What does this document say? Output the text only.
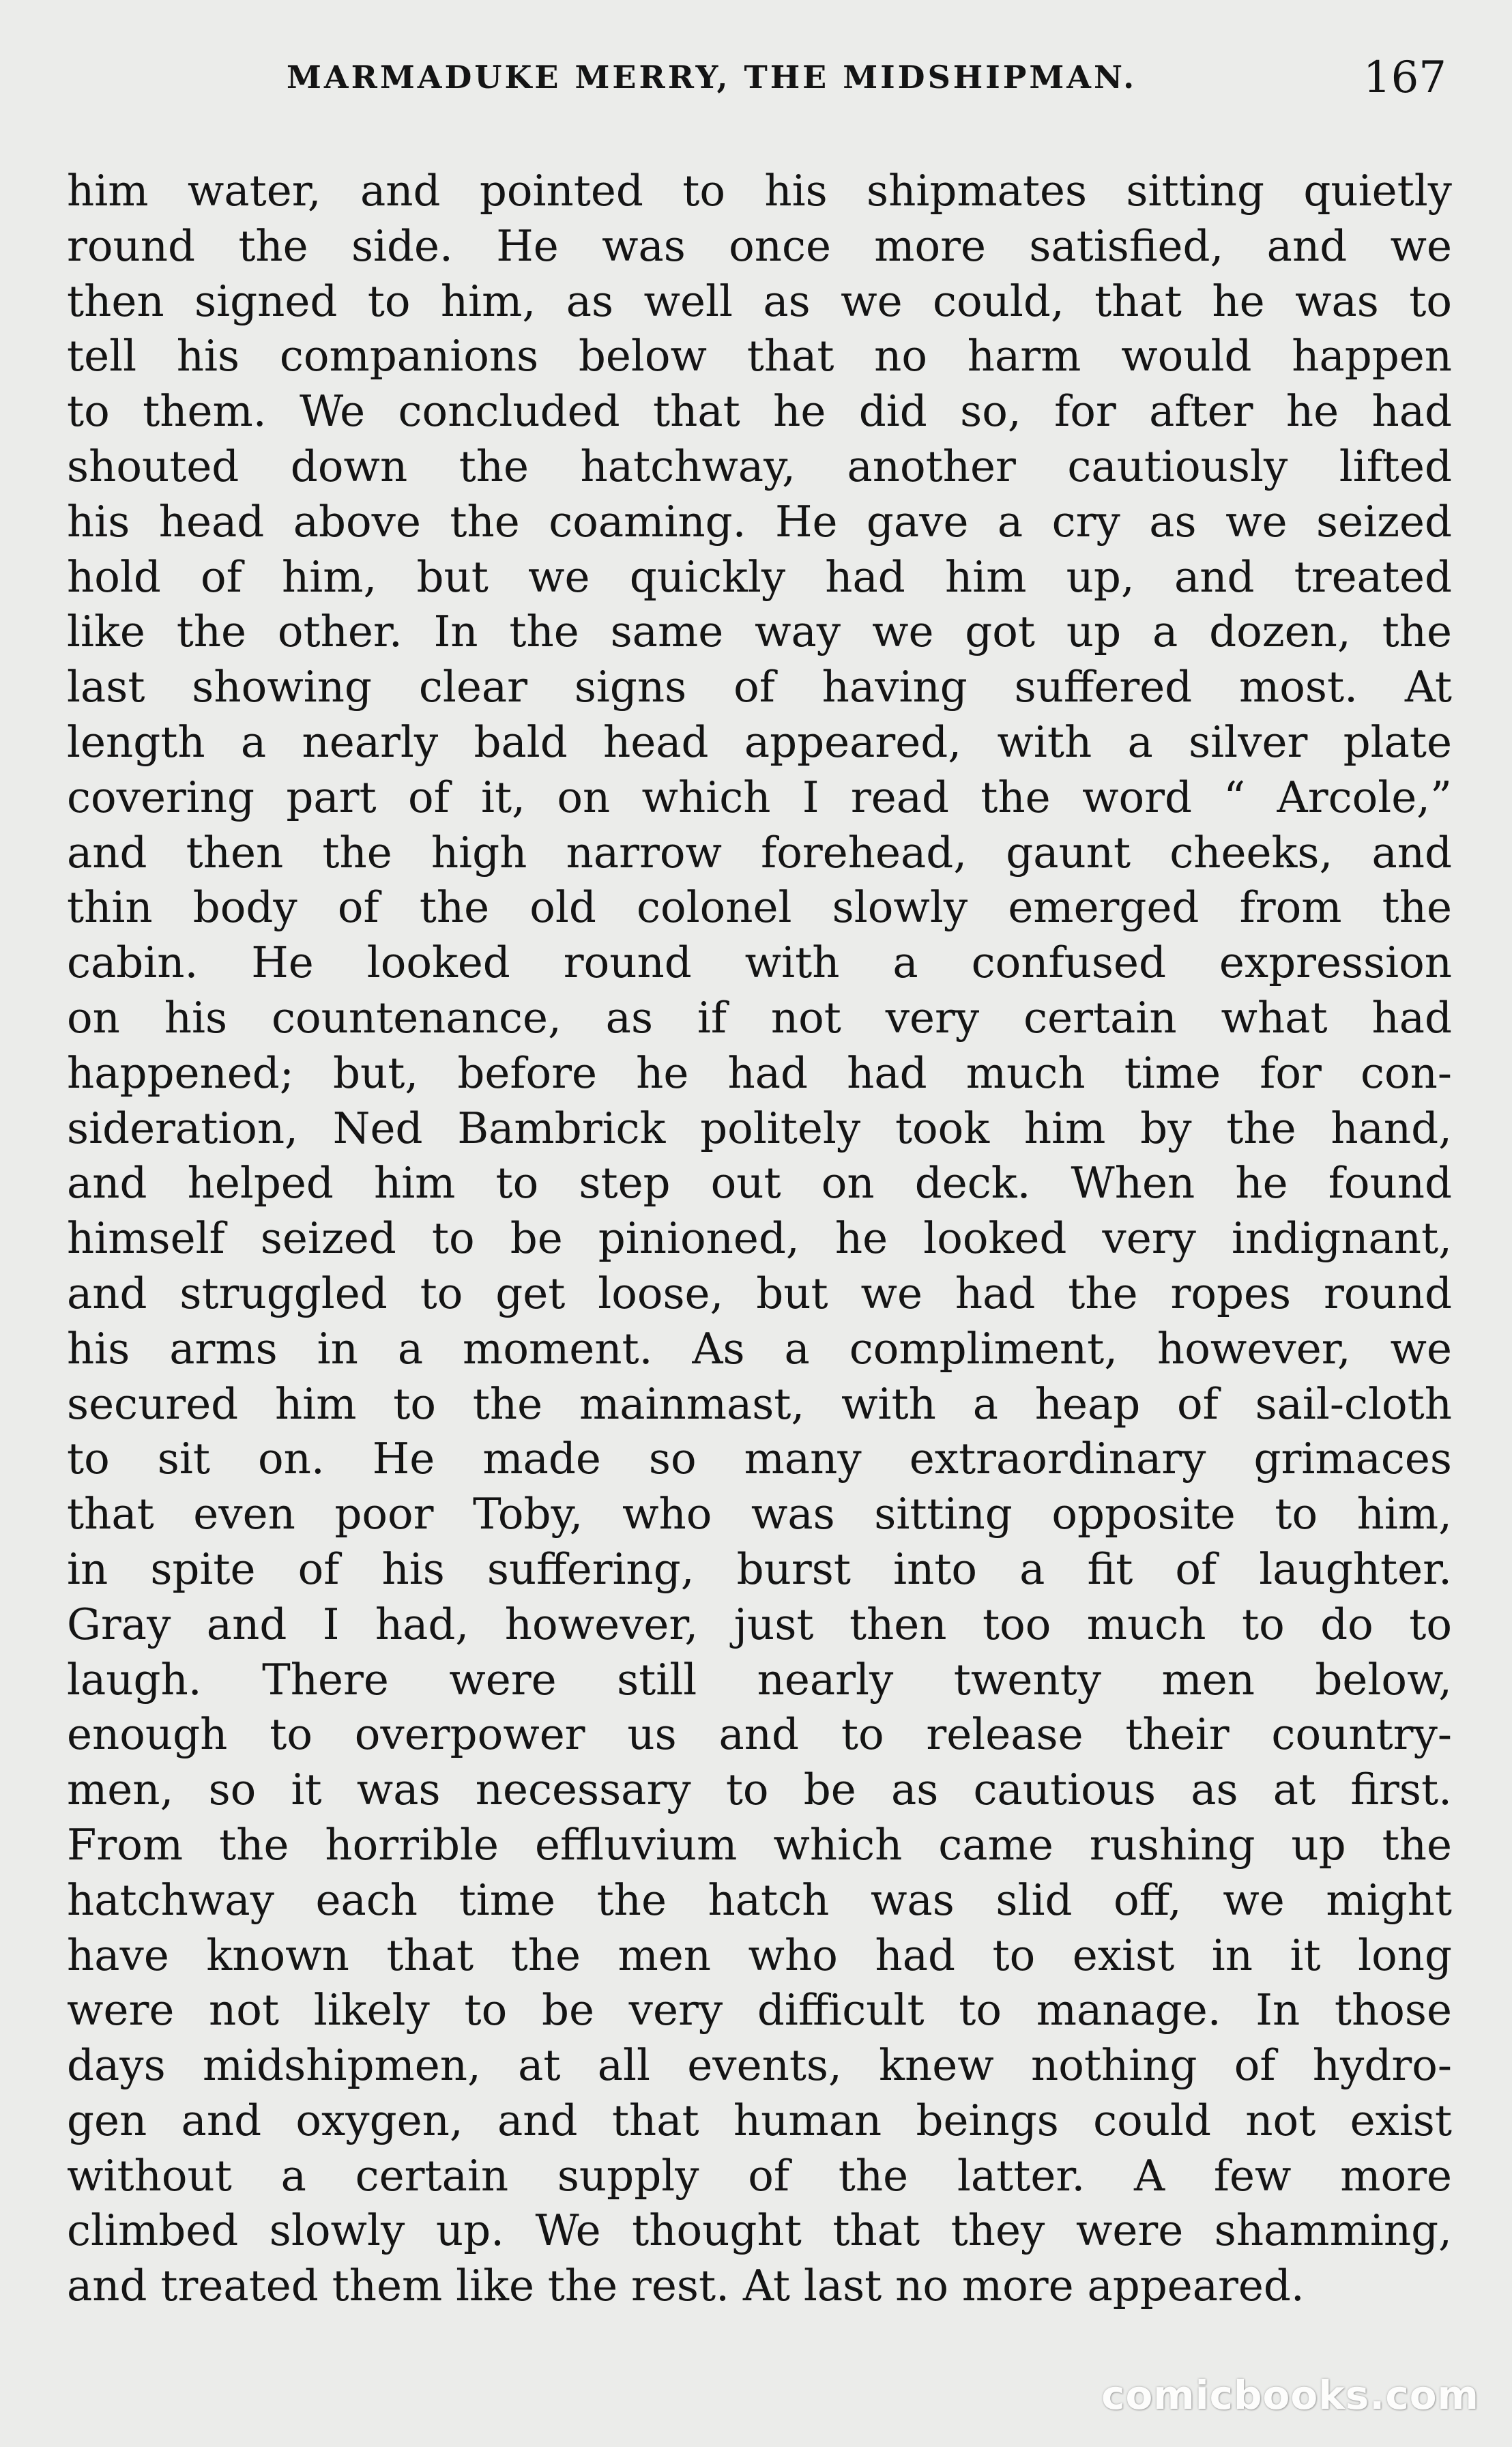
MARMADUKE MERRY, THE MIDSHIPMAN.	167
him water, and pointed to his shipmates sitting quietly
round the side. He was once more satisfied, and we
then signed to him, as well as we could, that he was to
tell his companions below that no harm would happen
to them. We concluded that he did so, for after he had
shouted down the hatchway, another cautiously lifted
his head above the coaming. He gave a cry as we seized
hold of him, but we quickly had him up, and treated
like the other. In the same way we got up a dozen, the
last showing clear signs of having suffered most. At
length a nearly bald head appeared, with a silver plate
covering part of it, on which I read the word “ Arcole,”
and then the high narrow forehead, gaunt cheeks, and
thin body of the old colonel slowly emerged from the
cabin. He looked round with a confused expression
on his countenance, as if not very certain what had
happened; but, before he had had much time for con-
sideration, Ned Bambrick politely took him by the hand,
and helped him to step out on deck. When he found
himself seized to be pinioned, he looked very indignant,
and struggled to get loose, but we had the ropes round
his arms in a moment. As a compliment, however, we
secured him to the mainmast, with a heap of sail-cloth
to sit on. He made so many extraordinary grimaces
that even poor Toby, who was sitting opposite to him,
in spite of his suffering, burst into a fit of laughter.
Gray and I had, however, just then too much to do to
laugh. There were still nearly twenty men below,
enough to overpower us and to release their country-
men, so it was necessary to be as cautious as at first.
From the horrible effluvium which came rushing up the
hatchway each time the hatch was slid off, we might
have known that the men who had to exist in it long
were not likely to be very difficult to manage. In those
days midshipmen, at all events, knew nothing of hydro-
gen and oxygen, and that human beings could not exist
without a certain supply of the latter. A few more
climbed slowly up. We thought that they were shamming,
and treated them like the rest. At last no more appeared.
comicbooks.com
